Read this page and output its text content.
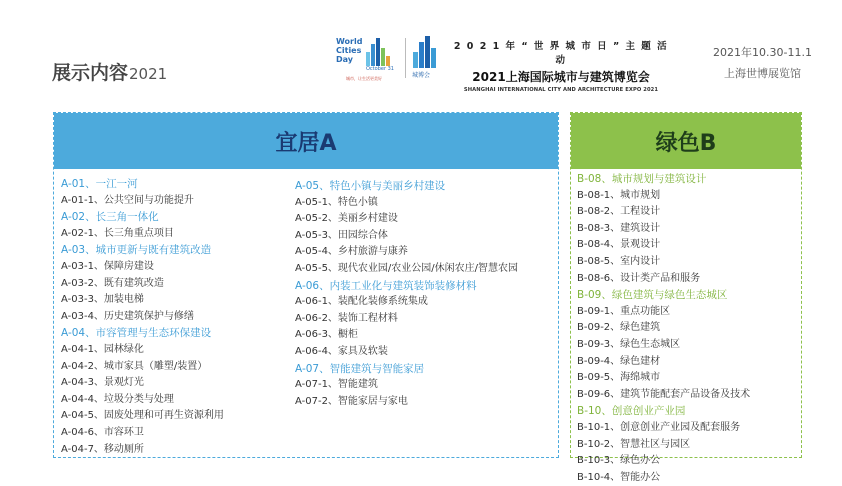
展示内容2021
World
Cities
Day
October 31
城市，让生活更美好	城博会
2 0 2 1 年 “ 世 界 城 市 日 ” 主 题 活 动
2021上海国际城市与建筑博览会
SHANGHAI INTERNATIONAL CITY AND ARCHITECTURE EXPO 2021
2021年10.30-11.1
上海世博展览馆
宜居A
A-01、一江一河
A-01-1、公共空间与功能提升
A-02、长三角一体化
A-02-1、长三角重点项目
A-03、城市更新与既有建筑改造
A-03-1、保障房建设
A-03-2、既有建筑改造
A-03-3、加装电梯
A-03-4、历史建筑保护与修缮
A-04、市容管理与生态环保建设
A-04-1、园林绿化
A-04-2、城市家具（雕塑/装置）
A-04-3、景观灯光
A-04-4、垃圾分类与处理
A-04-5、固废处理和可再生资源利用
A-04-6、市容环卫
A-04-7、移动厕所
A-05、特色小镇与美丽乡村建设
A-05-1、特色小镇
A-05-2、美丽乡村建设
A-05-3、田园综合体
A-05-4、乡村旅游与康养
A-05-5、现代农业园/农业公园/休闲农庄/智慧农园
A-06、内装工业化与建筑装饰装修材料
A-06-1、装配化装修系统集成
A-06-2、装饰工程材料
A-06-3、橱柜
A-06-4、家具及软装
A-07、智能建筑与智能家居
A-07-1、智能建筑
A-07-2、智能家居与家电
绿色B
B-08、城市规划与建筑设计
B-08-1、城市规划
B-08-2、工程设计
B-08-3、建筑设计
B-08-4、景观设计
B-08-5、室内设计
B-08-6、设计类产品和服务
B-09、绿色建筑与绿色生态城区
B-09-1、重点功能区
B-09-2、绿色建筑
B-09-3、绿色生态城区
B-09-4、绿色建材
B-09-5、海绵城市
B-09-6、建筑节能配套产品设备及技术
B-10、创意创业产业园
B-10-1、创意创业产业园及配套服务
B-10-2、智慧社区与园区
B-10-3、绿色办公
B-10-4、智能办公
